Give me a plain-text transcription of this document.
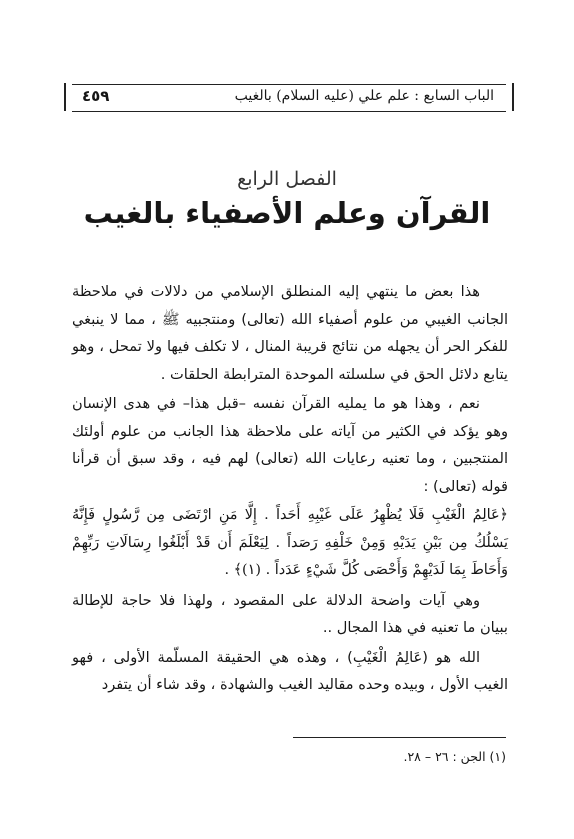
الباب السابع : علم علي (عليه السلام) بالغيب
٤٥٩
الفصل الرابع
القرآن وعلم الأصفياء بالغيب

هذا بعض ما ينتهي إليه المنطلق الإسلامي من دلالات في ملاحظة الجانب الغيبي من علوم أصفياء الله (تعالى) ومنتجبيه ﷺ ، مما لا ينبغي للفكر الحر أن يجهله من نتائج قريبة المنال ، لا تكلف فيها ولا تمحل ، وهو يتابع دلائل الحق في سلسلته الموحدة المترابطة الحلقات .

نعم ، وهذا هو ما يمليه القرآن نفسه –قبل هذا– في هدى الإنسان وهو يؤكد في الكثير من آياته على ملاحظة هذا الجانب من علوم أولئك المنتجبين ، وما تعنيه رعايات الله (تعالى) لهم فيه ، وقد سبق أن قرأنا قوله (تعالى) :

﴿عَالِمُ الْغَيْبِ فَلَا يُظْهِرُ عَلَى غَيْبِهِ أَحَداً . إِلَّا مَنِ ارْتَضَى مِن رَّسُولٍ فَإِنَّهُ يَسْلُكُ مِن بَيْنِ يَدَيْهِ وَمِنْ خَلْفِهِ رَصَداً . لِيَعْلَمَ أَن قَدْ أَبْلَغُوا رِسَالَاتِ رَبِّهِمْ وَأَحَاطَ بِمَا لَدَيْهِمْ وَأَحْصَى كُلَّ شَيْءٍ عَدَداً . (١)﴾ .

وهي آيات واضحة الدلالة على المقصود ، ولهذا فلا حاجة للإطالة ببيان ما تعنيه في هذا المجال ..

الله هو (عَالِمُ الْغَيْبِ) ، وهذه هي الحقيقة المسلّمة الأولى ، فهو الغيب الأول ، وبيده وحده مقاليد الغيب والشهادة ، وقد شاء أن يتفرد

(١) الجن : ٢٦ – ٢٨.
